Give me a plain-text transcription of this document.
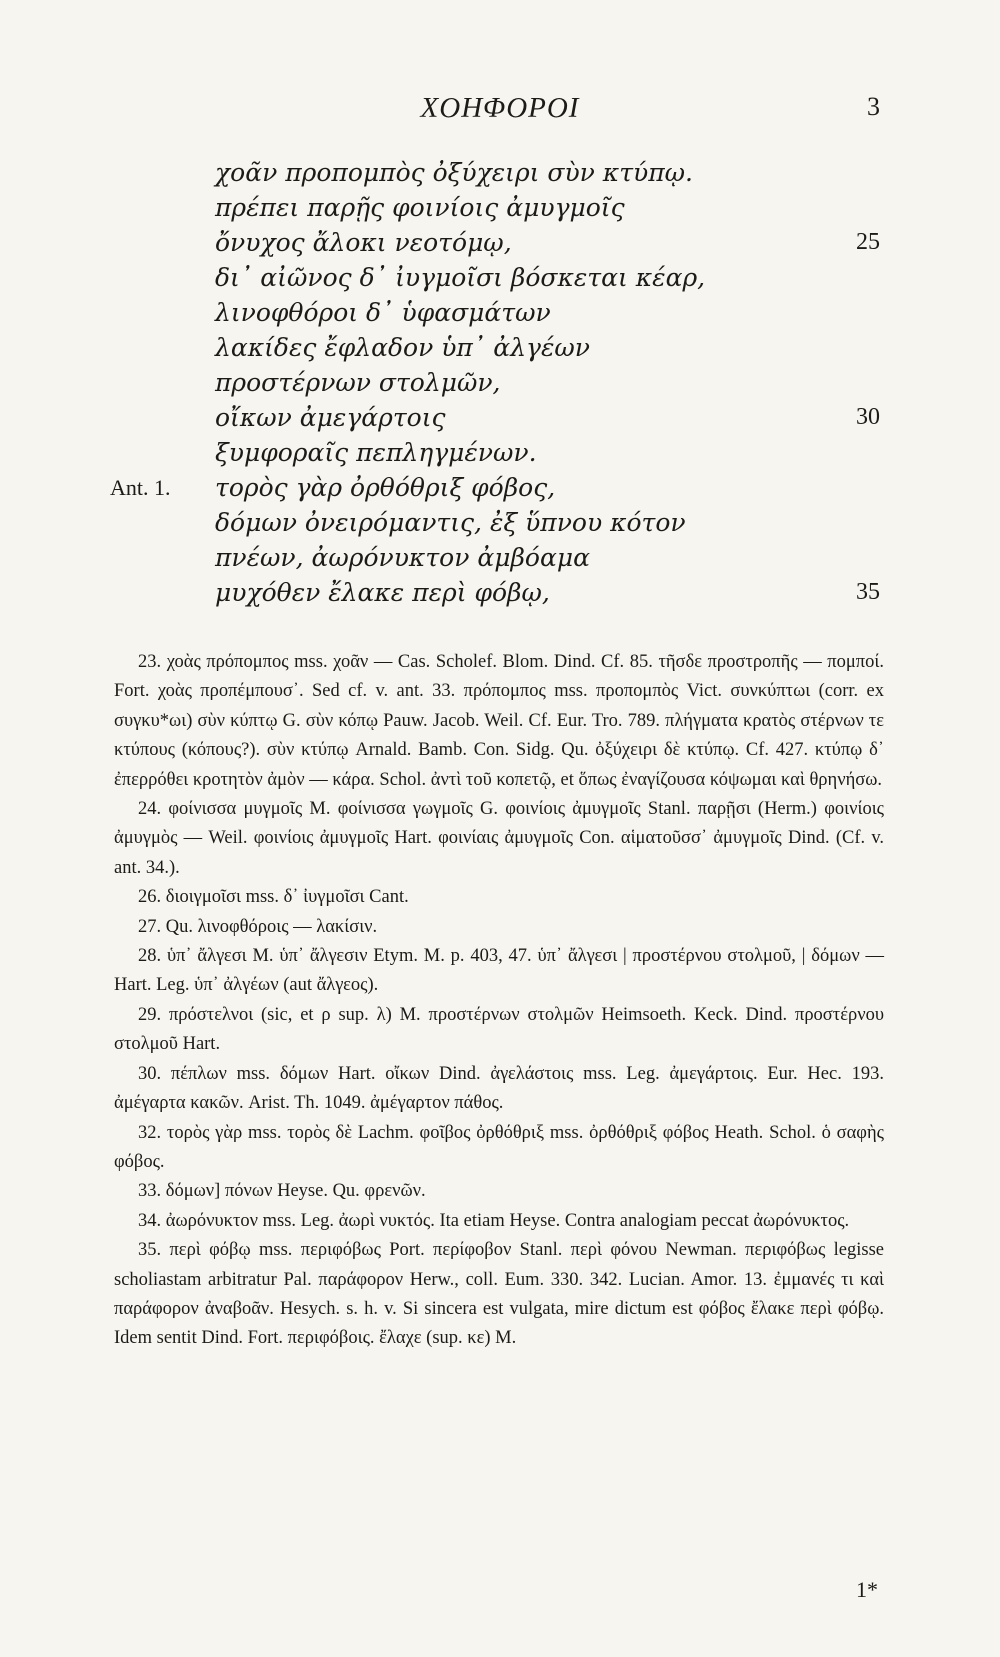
ΧΟΗΦΟΡΟΙ	3
χοᾶν προπομπὸς ὀξύχειρι σὺν κτύπῳ.
πρέπει παρῇς φοινίοις ἀμυγμοῖς
ὄνυχος ἄλοκι νεοτόμῳ,	25
δι᾽ αἰῶνος δ᾽ ἰυγμοῖσι βόσκεται κέαρ,
λινοφθόροι δ᾽ ὑφασμάτων
λακίδες ἔφλαδον ὑπ᾽ ἀλγέων
προστέρνων στολμῶν,
οἴκων ἀμεγάρτοις	30
ξυμφοραῖς πεπληγμένων.
Ant. 1. τορὸς γὰρ ὀρθόθριξ φόβος,
δόμων ὀνειρόμαντις, ἐξ ὕπνου κότον
πνέων, ἀωρόνυκτον ἀμβόαμα
μυχόθεν ἔλακε περὶ φόβῳ,	35

23. χοὰς πρόπομπος mss. χοᾶν — Cas. Scholef. Blom. Dind. Cf. 85. τῆσδε προστροπῆς — πομποί. Fort. χοὰς προπέμπουσ᾽. Sed cf. v. ant. 33. πρόπομπος mss. προπομπὸς Vict. συνκύπτωι (corr. ex συγκυ*ωι) σὺν κύπτῳ G. σὺν κόπῳ Pauw. Jacob. Weil. Cf. Eur. Tro. 789. πλήγματα κρατὸς στέρνων τε κτύπους (κόπους?). σὺν κτύπῳ Arnald. Bamb. Con. Sidg. Qu. ὀξύχειρι δὲ κτύπῳ. Cf. 427. κτύπῳ δ᾽ ἐπερρόθει κροτητὸν ἀμὸν — κάρα. Schol. ἀντὶ τοῦ κοπετῷ, et ὅπως ἐναγίζουσα κόψωμαι καὶ θρηνήσω.

24. φοίνισσα μυγμοῖς M. φοίνισσα γωγμοῖς G. φοινίοις ἀμυγμοῖς Stanl. παρῇσι (Herm.) φοινίοις ἀμυγμὸς — Weil. φοινίοις ἀμυγμοῖς Hart. φοινίαις ἀμυγμοῖς Con. αἱματοῦσσ᾽ ἀμυγμοῖς Dind. (Cf. v. ant. 34.).

26. διοιγμοῖσι mss. δ᾽ ἰυγμοῖσι Cant.

27. Qu. λινοφθόροις — λακίσιν.

28. ὑπ᾽ ἄλγεσι M. ὑπ᾽ ἄλγεσιν Etym. M. p. 403, 47. ὑπ᾽ ἄλγεσι | προστέρνου στολμοῦ, | δόμων — Hart. Leg. ὑπ᾽ ἀλγέων (aut ἄλγεος).

29. πρόστελνοι (sic, et ρ sup. λ) M. προστέρνων στολμῶν Heimsoeth. Keck. Dind. προστέρνου στολμοῦ Hart.

30. πέπλων mss. δόμων Hart. οἴκων Dind. ἀγελάστοις mss. Leg. ἀμεγάρτοις. Eur. Hec. 193. ἀμέγαρτα κακῶν. Arist. Th. 1049. ἀμέγαρτον πάθος.

32. τορὸς γὰρ mss. τορὸς δὲ Lachm. φοῖβος ὀρθόθριξ mss. ὀρθόθριξ φόβος Heath. Schol. ὁ σαφὴς φόβος.

33. δόμων] πόνων Heyse. Qu. φρενῶν.

34. ἀωρόνυκτον mss. Leg. ἀωρὶ νυκτός. Ita etiam Heyse. Contra analogiam peccat ἀωρόνυκτος.

35. περὶ φόβῳ mss. περιφόβως Port. περίφοβον Stanl. περὶ φόνου Newman. περιφόβως legisse scholiastam arbitratur Pal. παράφορον Herw., coll. Eum. 330. 342. Lucian. Amor. 13. ἐμμανές τι καὶ παράφορον ἀναβοᾶν. Hesych. s. h. v. Si sincera est vulgata, mire dictum est φόβος ἔλακε περὶ φόβῳ. Idem sentit Dind. Fort. περιφόβοις. ἔλαχε (sup. κε) M.

1*
